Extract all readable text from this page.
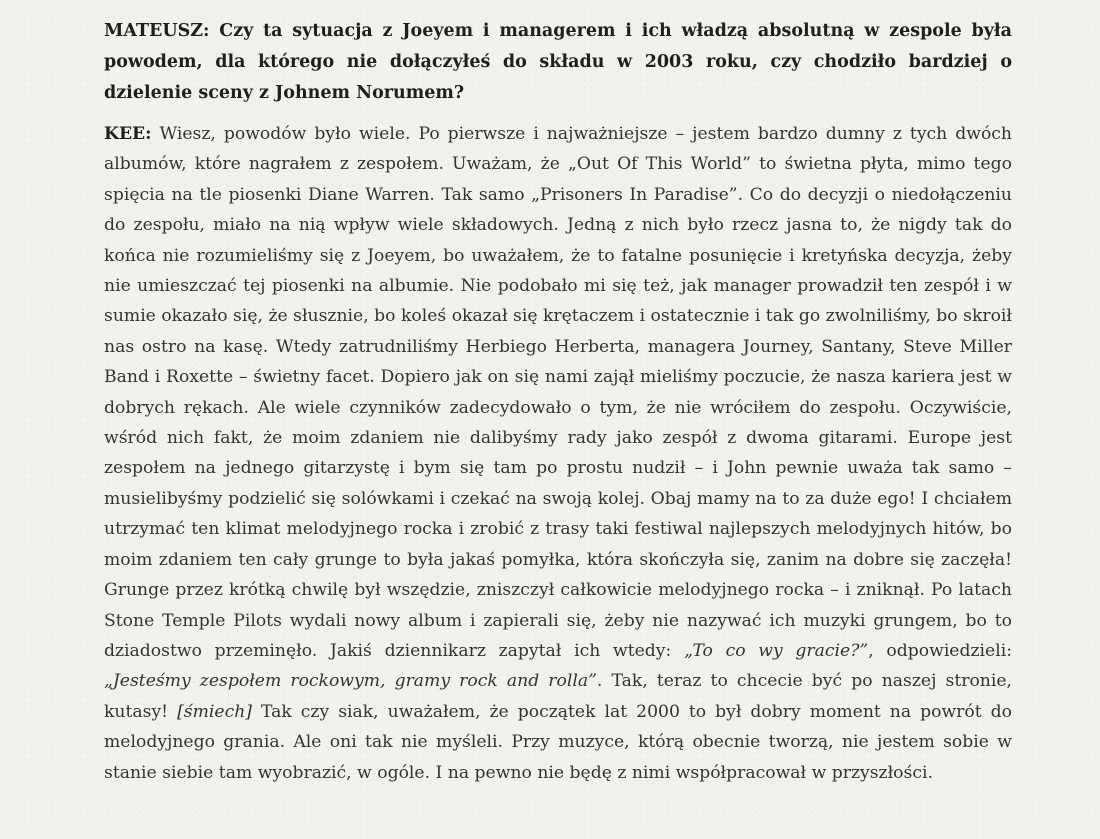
MATEUSZ: Czy ta sytuacja z Joeyem i managerem i ich władzą absolutną w zespole była powodem, dla którego nie dołączyłeś do składu w 2003 roku, czy chodziło bardziej o dzielenie sceny z Johnem Norumem?

KEE: Wiesz, powodów było wiele. Po pierwsze i najważniejsze – jestem bardzo dumny z tych dwóch albumów, które nagrałem z zespołem. Uważam, że „Out Of This World” to świetna płyta, mimo tego spięcia na tle piosenki Diane Warren. Tak samo „Prisoners In Paradise”. Co do decyzji o niedołączeniu do zespołu, miało na nią wpływ wiele składowych. Jedną z nich było rzecz jasna to, że nigdy tak do końca nie rozumieliśmy się z Joeyem, bo uważałem, że to fatalne posunięcie i kretyńska decyzja, żeby nie umieszczać tej piosenki na albumie. Nie podobało mi się też, jak manager prowadził ten zespół i w sumie okazało się, że słusznie, bo koleś okazał się krętaczem i ostatecznie i tak go zwolniliśmy, bo skroił nas ostro na kasę. Wtedy zatrudniliśmy Herbiego Herberta, managera Journey, Santany, Steve Miller Band i Roxette – świetny facet. Dopiero jak on się nami zajął mieliśmy poczucie, że nasza kariera jest w dobrych rękach. Ale wiele czynników zadecydowało o tym, że nie wróciłem do zespołu. Oczywiście, wśród nich fakt, że moim zdaniem nie dalibyśmy rady jako zespół z dwoma gitarami. Europe jest zespołem na jednego gitarzystę i bym się tam po prostu nudził – i John pewnie uważa tak samo – musielibyśmy podzielić się solówkami i czekać na swoją kolej. Obaj mamy na to za duże ego! I chciałem utrzymać ten klimat melodyjnego rocka i zrobić z trasy taki festiwal najlepszych melodyjnych hitów, bo moim zdaniem ten cały grunge to była jakaś pomyłka, która skończyła się, zanim na dobre się zaczęła! Grunge przez krótką chwilę był wszędzie, zniszczył całkowicie melodyjnego rocka – i zniknął. Po latach Stone Temple Pilots wydali nowy album i zapierali się, żeby nie nazywać ich muzyki grungem, bo to dziadostwo przeminęło. Jakiś dziennikarz zapytał ich wtedy: „To co wy gracie?”, odpowiedzieli: „Jesteśmy zespołem rockowym, gramy rock and rolla”. Tak, teraz to chcecie być po naszej stronie, kutasy! [śmiech] Tak czy siak, uważałem, że początek lat 2000 to był dobry moment na powrót do melodyjnego grania. Ale oni tak nie myśleli. Przy muzyce, którą obecnie tworzą, nie jestem sobie w stanie siebie tam wyobrazić, w ogóle. I na pewno nie będę z nimi współpracował w przyszłości.
